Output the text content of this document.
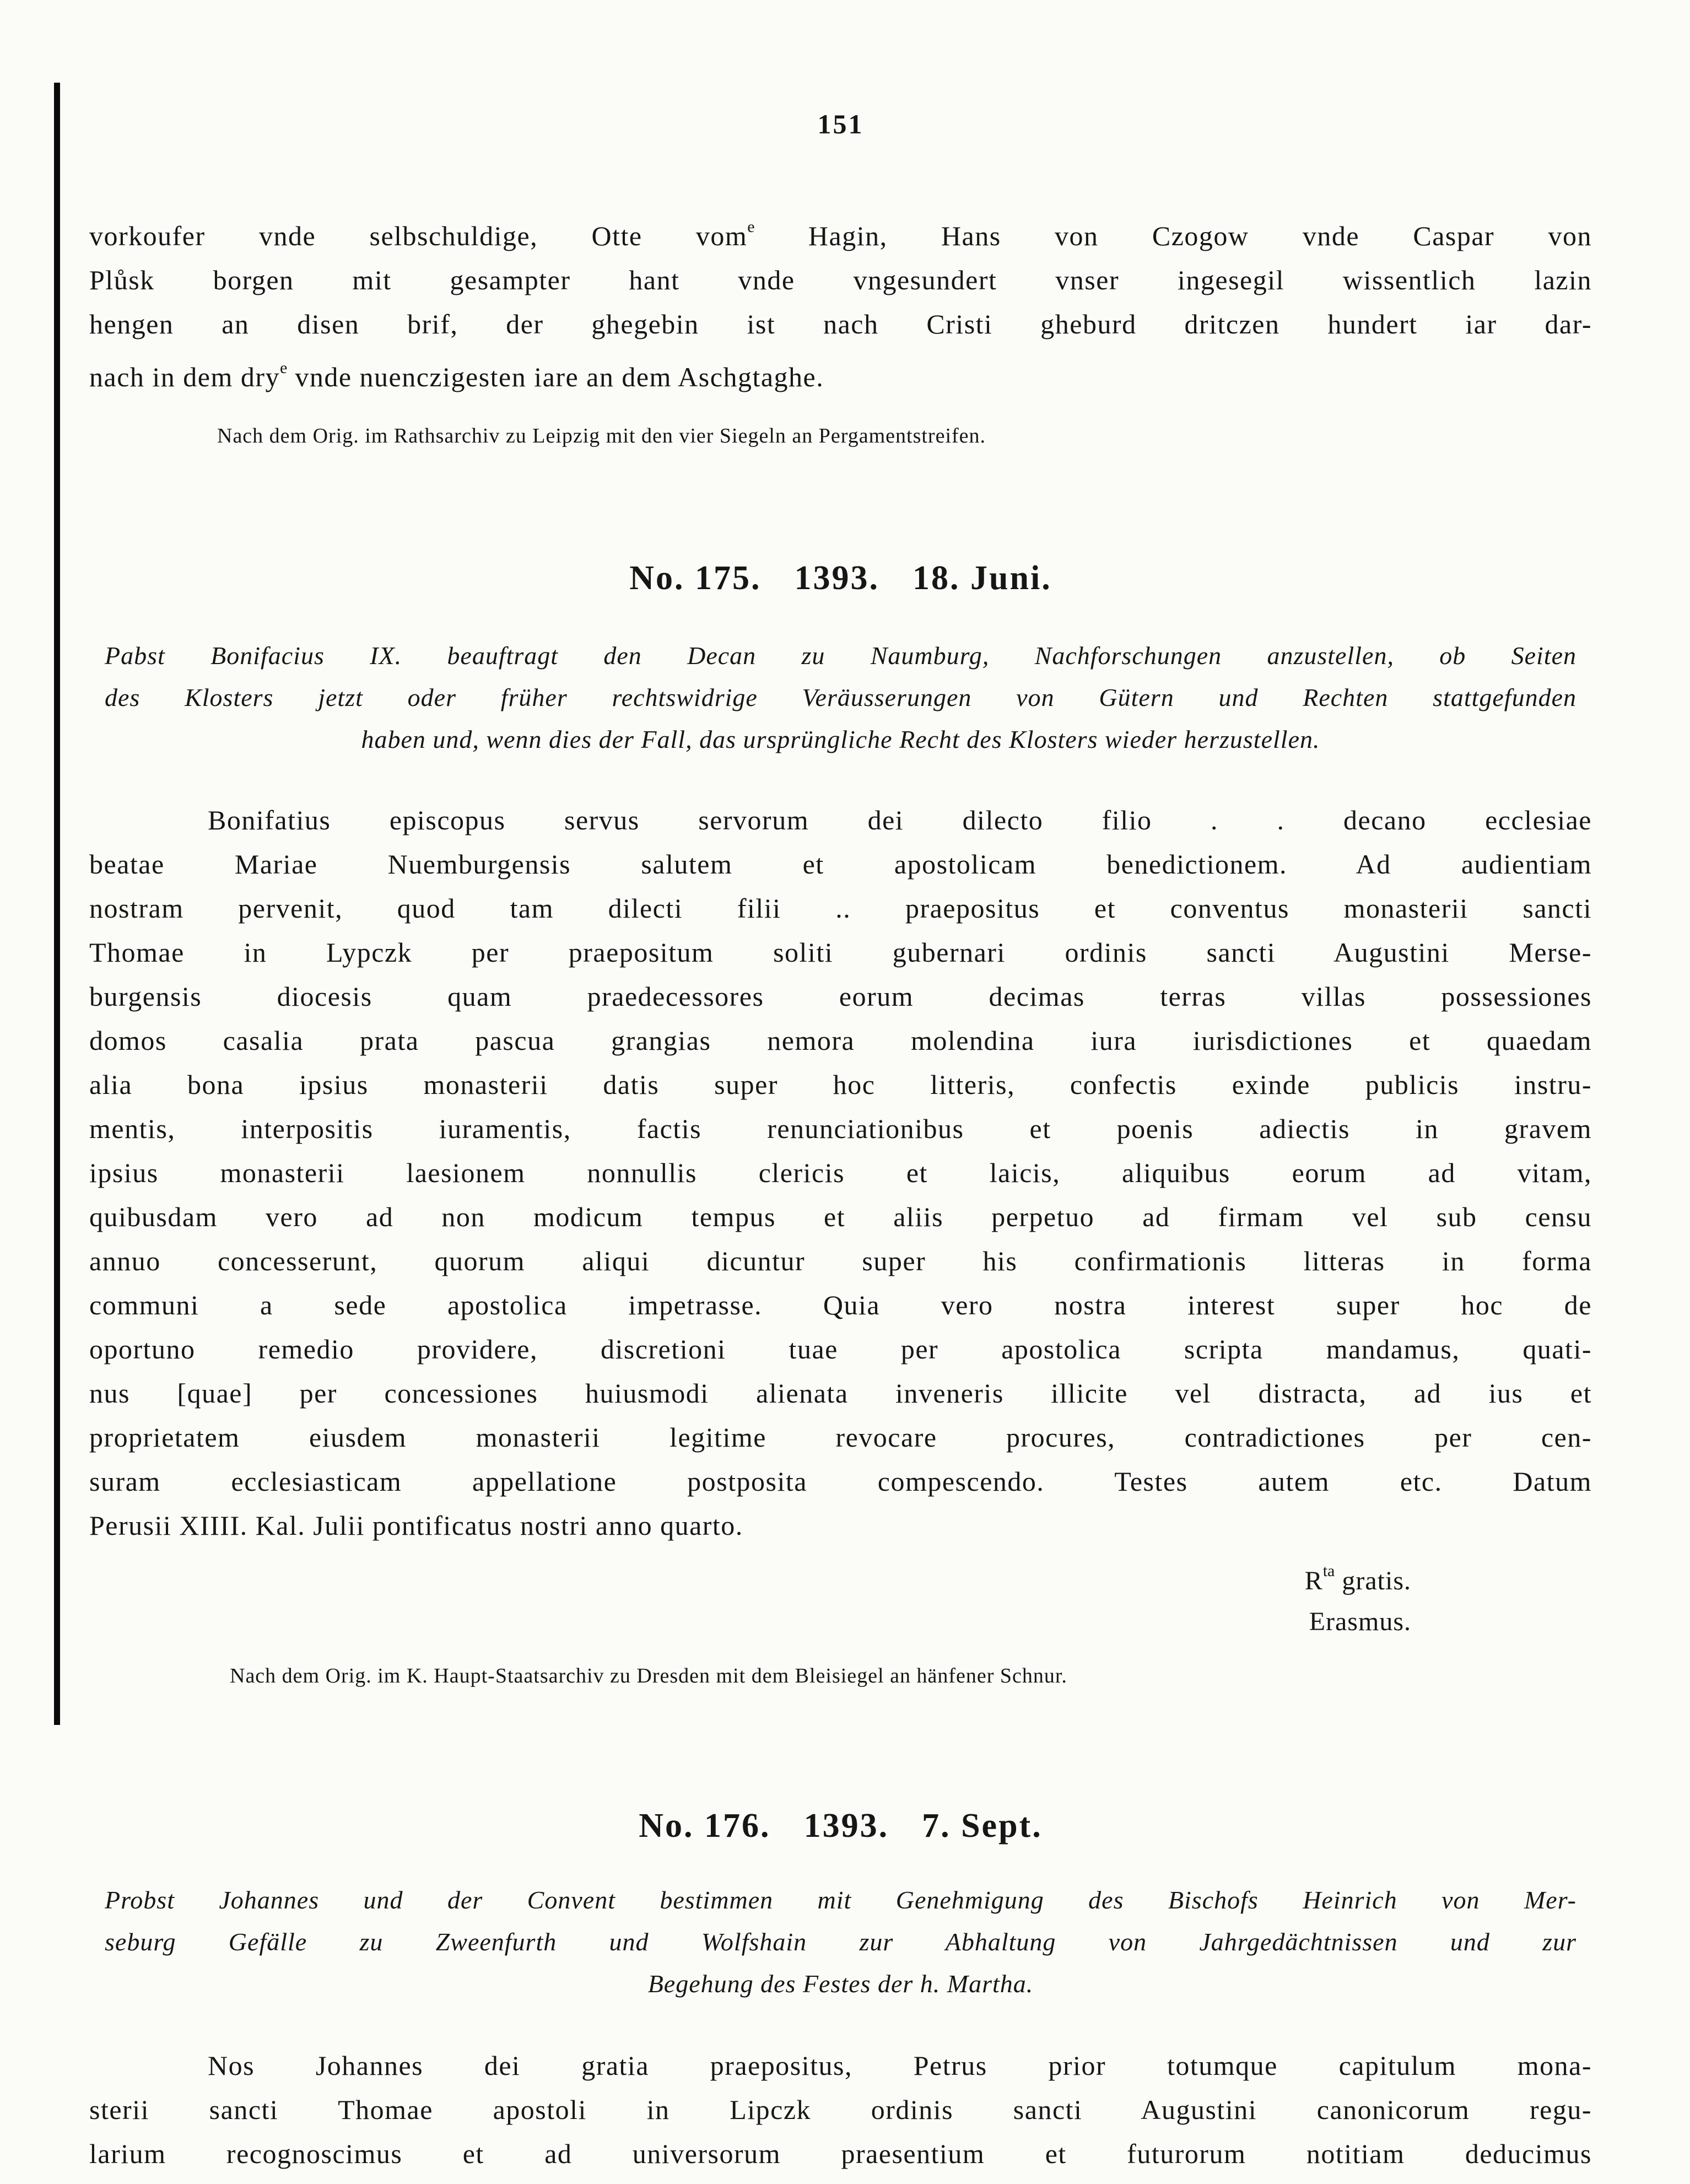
151
vorkoufer vnde selbschuldige, Otte vom$^e$ Hagin, Hans von Czogow vnde Caspar von
Plůsk borgen mit gesampter hant vnde vngesundert vnser ingesegil wissentlich lazin
hengen an disen brif, der ghegebin ist nach Cristi gheburd dritczen hundert iar dar-
nach in dem dry$^e$ vnde nuenczigesten iare an dem Aschgtaghe.
Nach dem Orig. im Rathsarchiv zu Leipzig mit den vier Siegeln an Pergamentstreifen.
No. 175. 1393. 18. Juni.
Pabst Bonifacius IX. beauftragt den Decan zu Naumburg, Nachforschungen anzustellen, ob Seiten
des Klosters jetzt oder früher rechtswidrige Veräusserungen von Gütern und Rechten stattgefunden
haben und, wenn dies der Fall, das ursprüngliche Recht des Klosters wieder herzustellen.
Bonifatius episcopus servus servorum dei dilecto filio . . decano ecclesiae
beatae Mariae Nuemburgensis salutem et apostolicam benedictionem. Ad audientiam
nostram pervenit, quod tam dilecti filii .. praepositus et conventus monasterii sancti
Thomae in Lypczk per praepositum soliti gubernari ordinis sancti Augustini Merse-
burgensis diocesis quam praedecessores eorum decimas terras villas possessiones
domos casalia prata pascua grangias nemora molendina iura iurisdictiones et quaedam
alia bona ipsius monasterii datis super hoc litteris, confectis exinde publicis instru-
mentis, interpositis iuramentis, factis renunciationibus et poenis adiectis in gravem
ipsius monasterii laesionem nonnullis clericis et laicis, aliquibus eorum ad vitam,
quibusdam vero ad non modicum tempus et aliis perpetuo ad firmam vel sub censu
annuo concesserunt, quorum aliqui dicuntur super his confirmationis litteras in forma
communi a sede apostolica impetrasse. Quia vero nostra interest super hoc de
oportuno remedio providere, discretioni tuae per apostolica scripta mandamus, quati-
nus [quae] per concessiones huiusmodi alienata inveneris illicite vel distracta, ad ius et
proprietatem eiusdem monasterii legitime revocare procures, contradictiones per cen-
suram ecclesiasticam appellatione postposita compescendo. Testes autem etc. Datum
Perusii XIIII. Kal. Julii pontificatus nostri anno quarto.
$R^{ta}$ gratis.
Erasmus.
Nach dem Orig. im K. Haupt-Staatsarchiv zu Dresden mit dem Bleisiegel an hänfener Schnur.
No. 176. 1393. 7. Sept.
Probst Johannes und der Convent bestimmen mit Genehmigung des Bischofs Heinrich von Mer-
seburg Gefälle zu Zweenfurth und Wolfshain zur Abhaltung von Jahrgedächtnissen und zur
Begehung des Festes der h. Martha.
Nos Johannes dei gratia praepositus, Petrus prior totumque capitulum mona-
sterii sancti Thomae apostoli in Lipczk ordinis sancti Augustini canonicorum regu-
larium recognoscimus et ad universorum praesentium et futurorum notitiam deducimus
